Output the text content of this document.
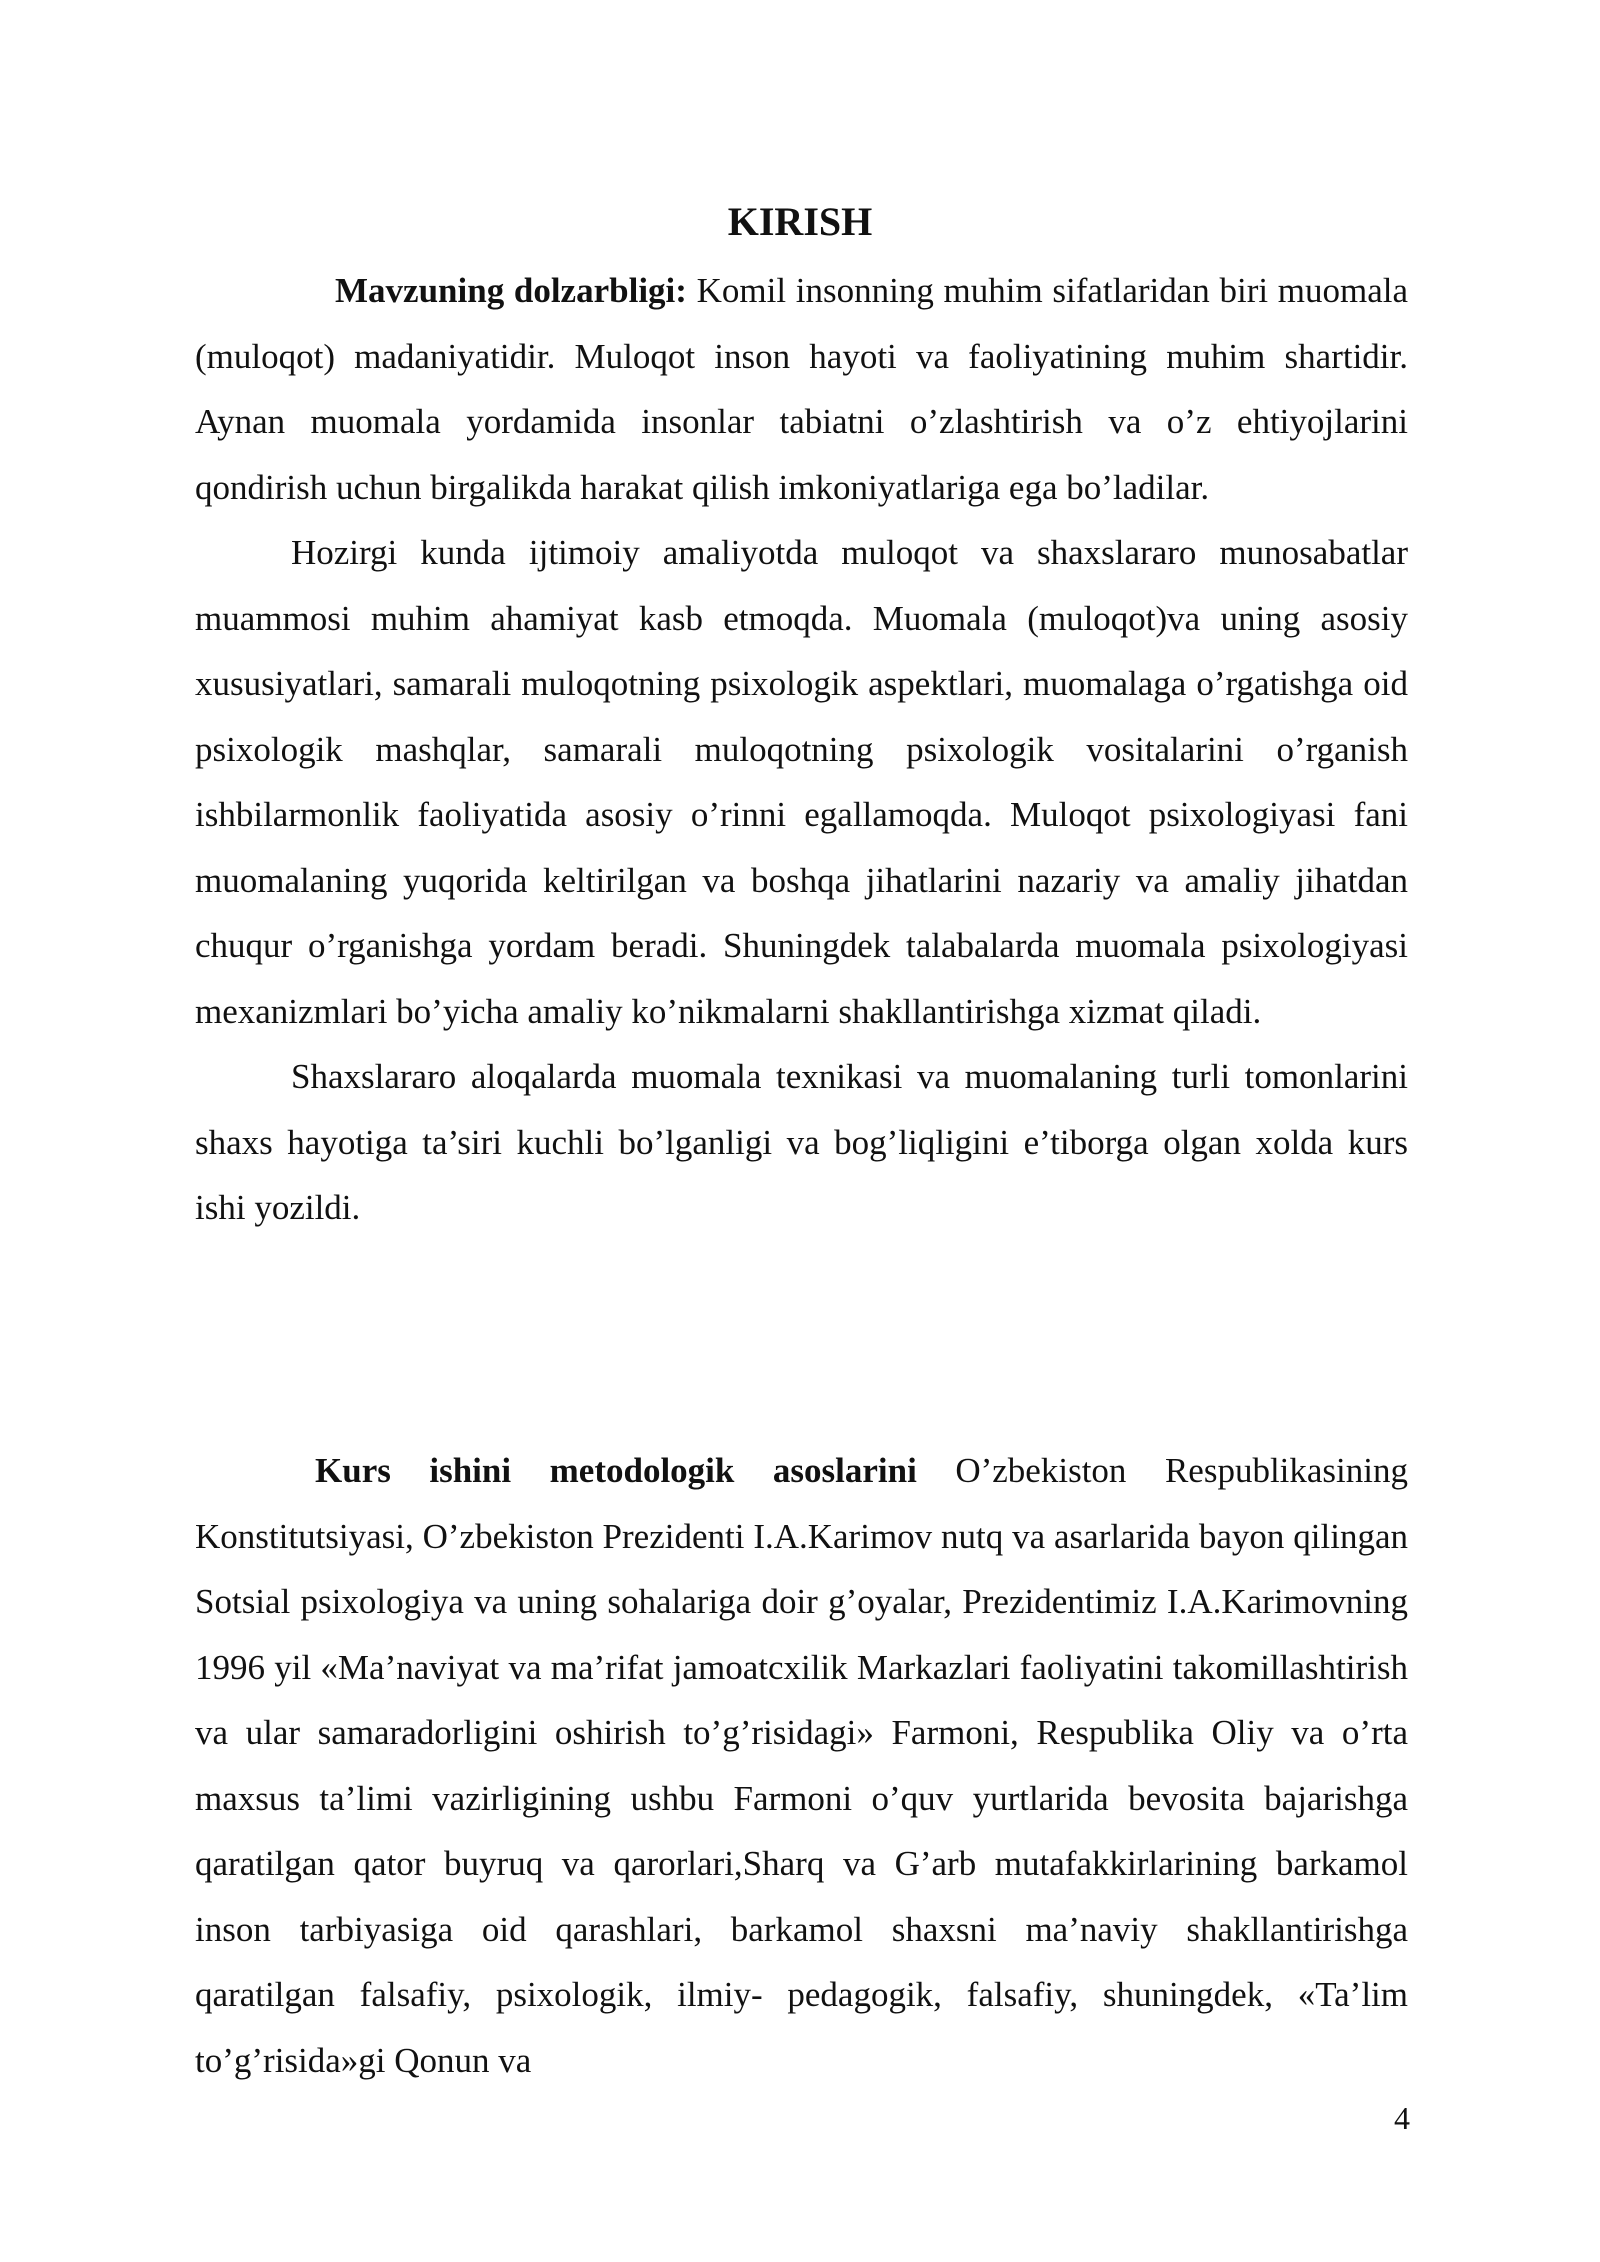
KIRISH

Mavzuning dolzarbligi: Komil insonning muhim sifatlaridan biri muomala (muloqot) madaniyatidir. Muloqot inson hayoti va faoliyatining muhim shartidir. Aynan muomala yordamida insonlar tabiatni o’zlashtirish va o’z ehtiyojlarini qondirish uchun birgalikda harakat qilish imkoniyatlariga ega bo’ladilar.

Hozirgi kunda ijtimoiy amaliyotda muloqot va shaxslararo munosabatlar muammosi muhim ahamiyat kasb etmoqda. Muomala (muloqot)va uning asosiy xususiyatlari, samarali muloqotning psixologik aspektlari, muomalaga o’rgatishga oid psixologik mashqlar, samarali muloqotning psixologik vositalarini o’rganish ishbilarmonlik faoliyatida asosiy o’rinni egallamoqda. Muloqot psixologiyasi fani muomalaning yuqorida keltirilgan va boshqa jihatlarini nazariy va amaliy jihatdan chuqur o’rganishga yordam beradi. Shuningdek talabalarda muomala psixologiyasi mexanizmlari bo’yicha amaliy ko’nikmalarni shakllantirishga xizmat qiladi.

Shaxslararo aloqalarda muomala texnikasi va muomalaning turli tomonlarini shaxs hayotiga ta’siri kuchli bo’lganligi va bog’liqligini e’tiborga olgan xolda kurs ishi yozildi.

Kurs ishini metodologik asoslarini O’zbekiston Respublikasining Konstitutsiyasi, O’zbekiston Prezidenti I.A.Karimov nutq va asarlarida bayon qilingan Sotsial psixologiya va uning sohalariga doir g’oyalar, Prezidentimiz I.A.Karimovning 1996 yil «Ma’naviyat va ma’rifat jamoatcxilik Markazlari faoliyatini takomillashtirish va ular samaradorligini oshirish to’g’risidagi» Farmoni, Respublika Oliy va o’rta maxsus ta’limi vazirligining ushbu Farmoni o’quv yurtlarida bevosita bajarishga qaratilgan qator buyruq va qarorlari,Sharq va G’arb mutafakkirlarining barkamol inson tarbiyasiga oid qarashlari, barkamol shaxsni ma’naviy shakllantirishga qaratilgan falsafiy, psixologik, ilmiy- pedagogik, falsafiy, shuningdek, «Ta’lim to’g’risida»gi Qonun va

4
